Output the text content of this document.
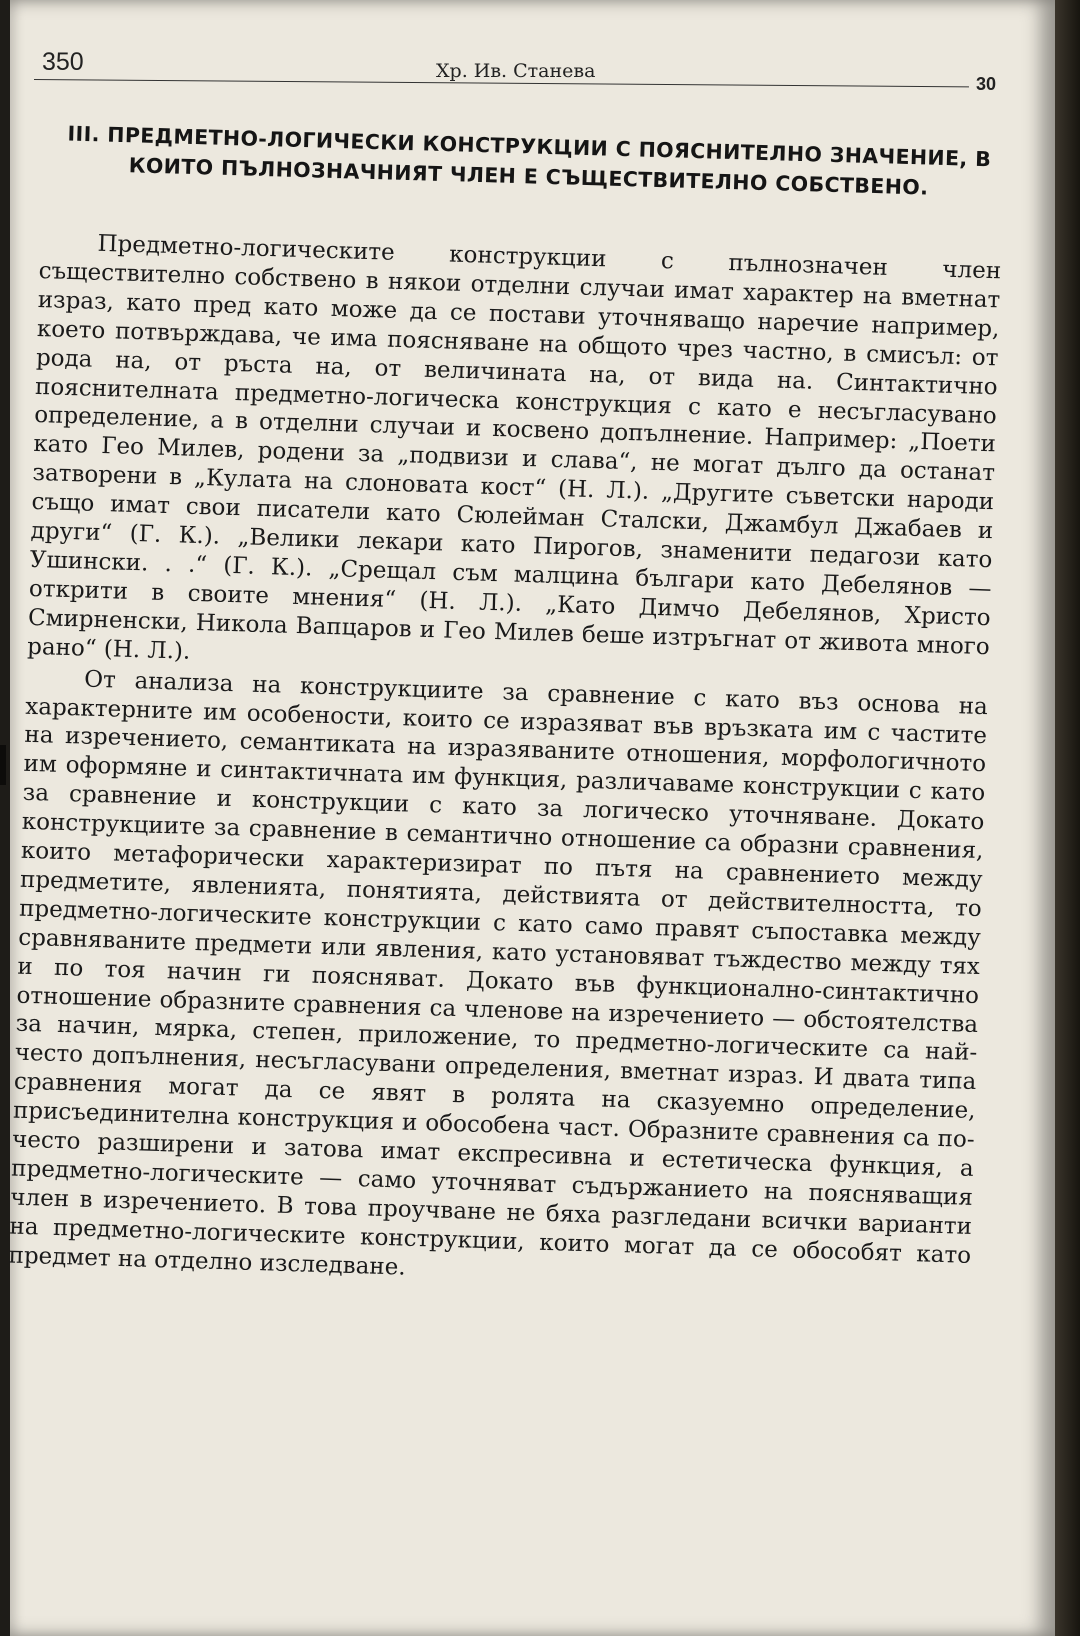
350	Хр. Ив. Станева
30
III. ПРЕДМЕТНО-ЛОГИЧЕСКИ КОНСТРУКЦИИ С ПОЯСНИТЕЛНО ЗНАЧЕНИЕ, В КОИТО ПЪЛНОЗНАЧНИЯТ ЧЛЕН Е СЪЩЕСТВИТЕЛНО СОБСТВЕНО.

Предметно-логическите конструкции с пълнозначен член съществително собствено в някои отделни случаи имат характер на вметнат израз, като пред като може да се постави уточняващо наречие например, което потвърждава, че има поясняване на общото чрез частно, в смисъл: от рода на, от ръста на, от величината на, от вида на. Синтактично пояснителната предметно-логическа конструкция с като е несъгласувано определение, а в отделни случаи и косвено допълнение. Например: „Поети като Гео Милев, родени за „подвизи и слава“, не могат дълго да останат затворени в „Кулата на слоновата кост“ (Н. Л.). „Другите съветски народи също имат свои писатели като Сюлейман Сталски, Джамбул Джабаев и други“ (Г. К.). „Велики лекари като Пирогов, знаменити педагози като Ушински. . .“ (Г. К.). „Срещал съм малцина българи като Дебелянов — открити в своите мнения“ (Н. Л.). „Като Димчо Дебелянов, Христо Смирненски, Никола Вапцаров и Гео Милев беше изтръгнат от живота много рано“ (Н. Л.).

От анализа на конструкциите за сравнение с като въз основа на характерните им особености, които се изразяват във връзката им с частите на изречението, семантиката на изразяваните отношения, морфологичното им оформяне и синтактичната им функция, различаваме конструкции с като за сравнение и конструкции с като за логическо уточняване. Докато конструкциите за сравнение в семантично отношение са образни сравнения, които метафорически характеризират по пътя на сравнението между предметите, явленията, понятията, действията от действителността, то предметно-логическите конструкции с като само правят съпоставка между сравняваните предмети или явления, като установяват тъждество между тях и по тоя начин ги поясняват. Докато във функционално-синтактично отношение образните сравнения са членове на изречението — обстоятелства за начин, мярка, степен, приложение, то предметно-логическите са най-често допълнения, несъгласувани определения, вметнат израз. И двата типа сравнения могат да се явят в ролята на сказуемно определение, присъединителна конструкция и обособена част. Образните сравнения са по-често разширени и затова имат експресивна и естетическа функция, а предметно-логическите — само уточняват съдържанието на поясняващия член в изречението. В това проучване не бяха разгледани всички варианти на предметно-логическите конструкции, които могат да се обособят като предмет на отделно изследване.
